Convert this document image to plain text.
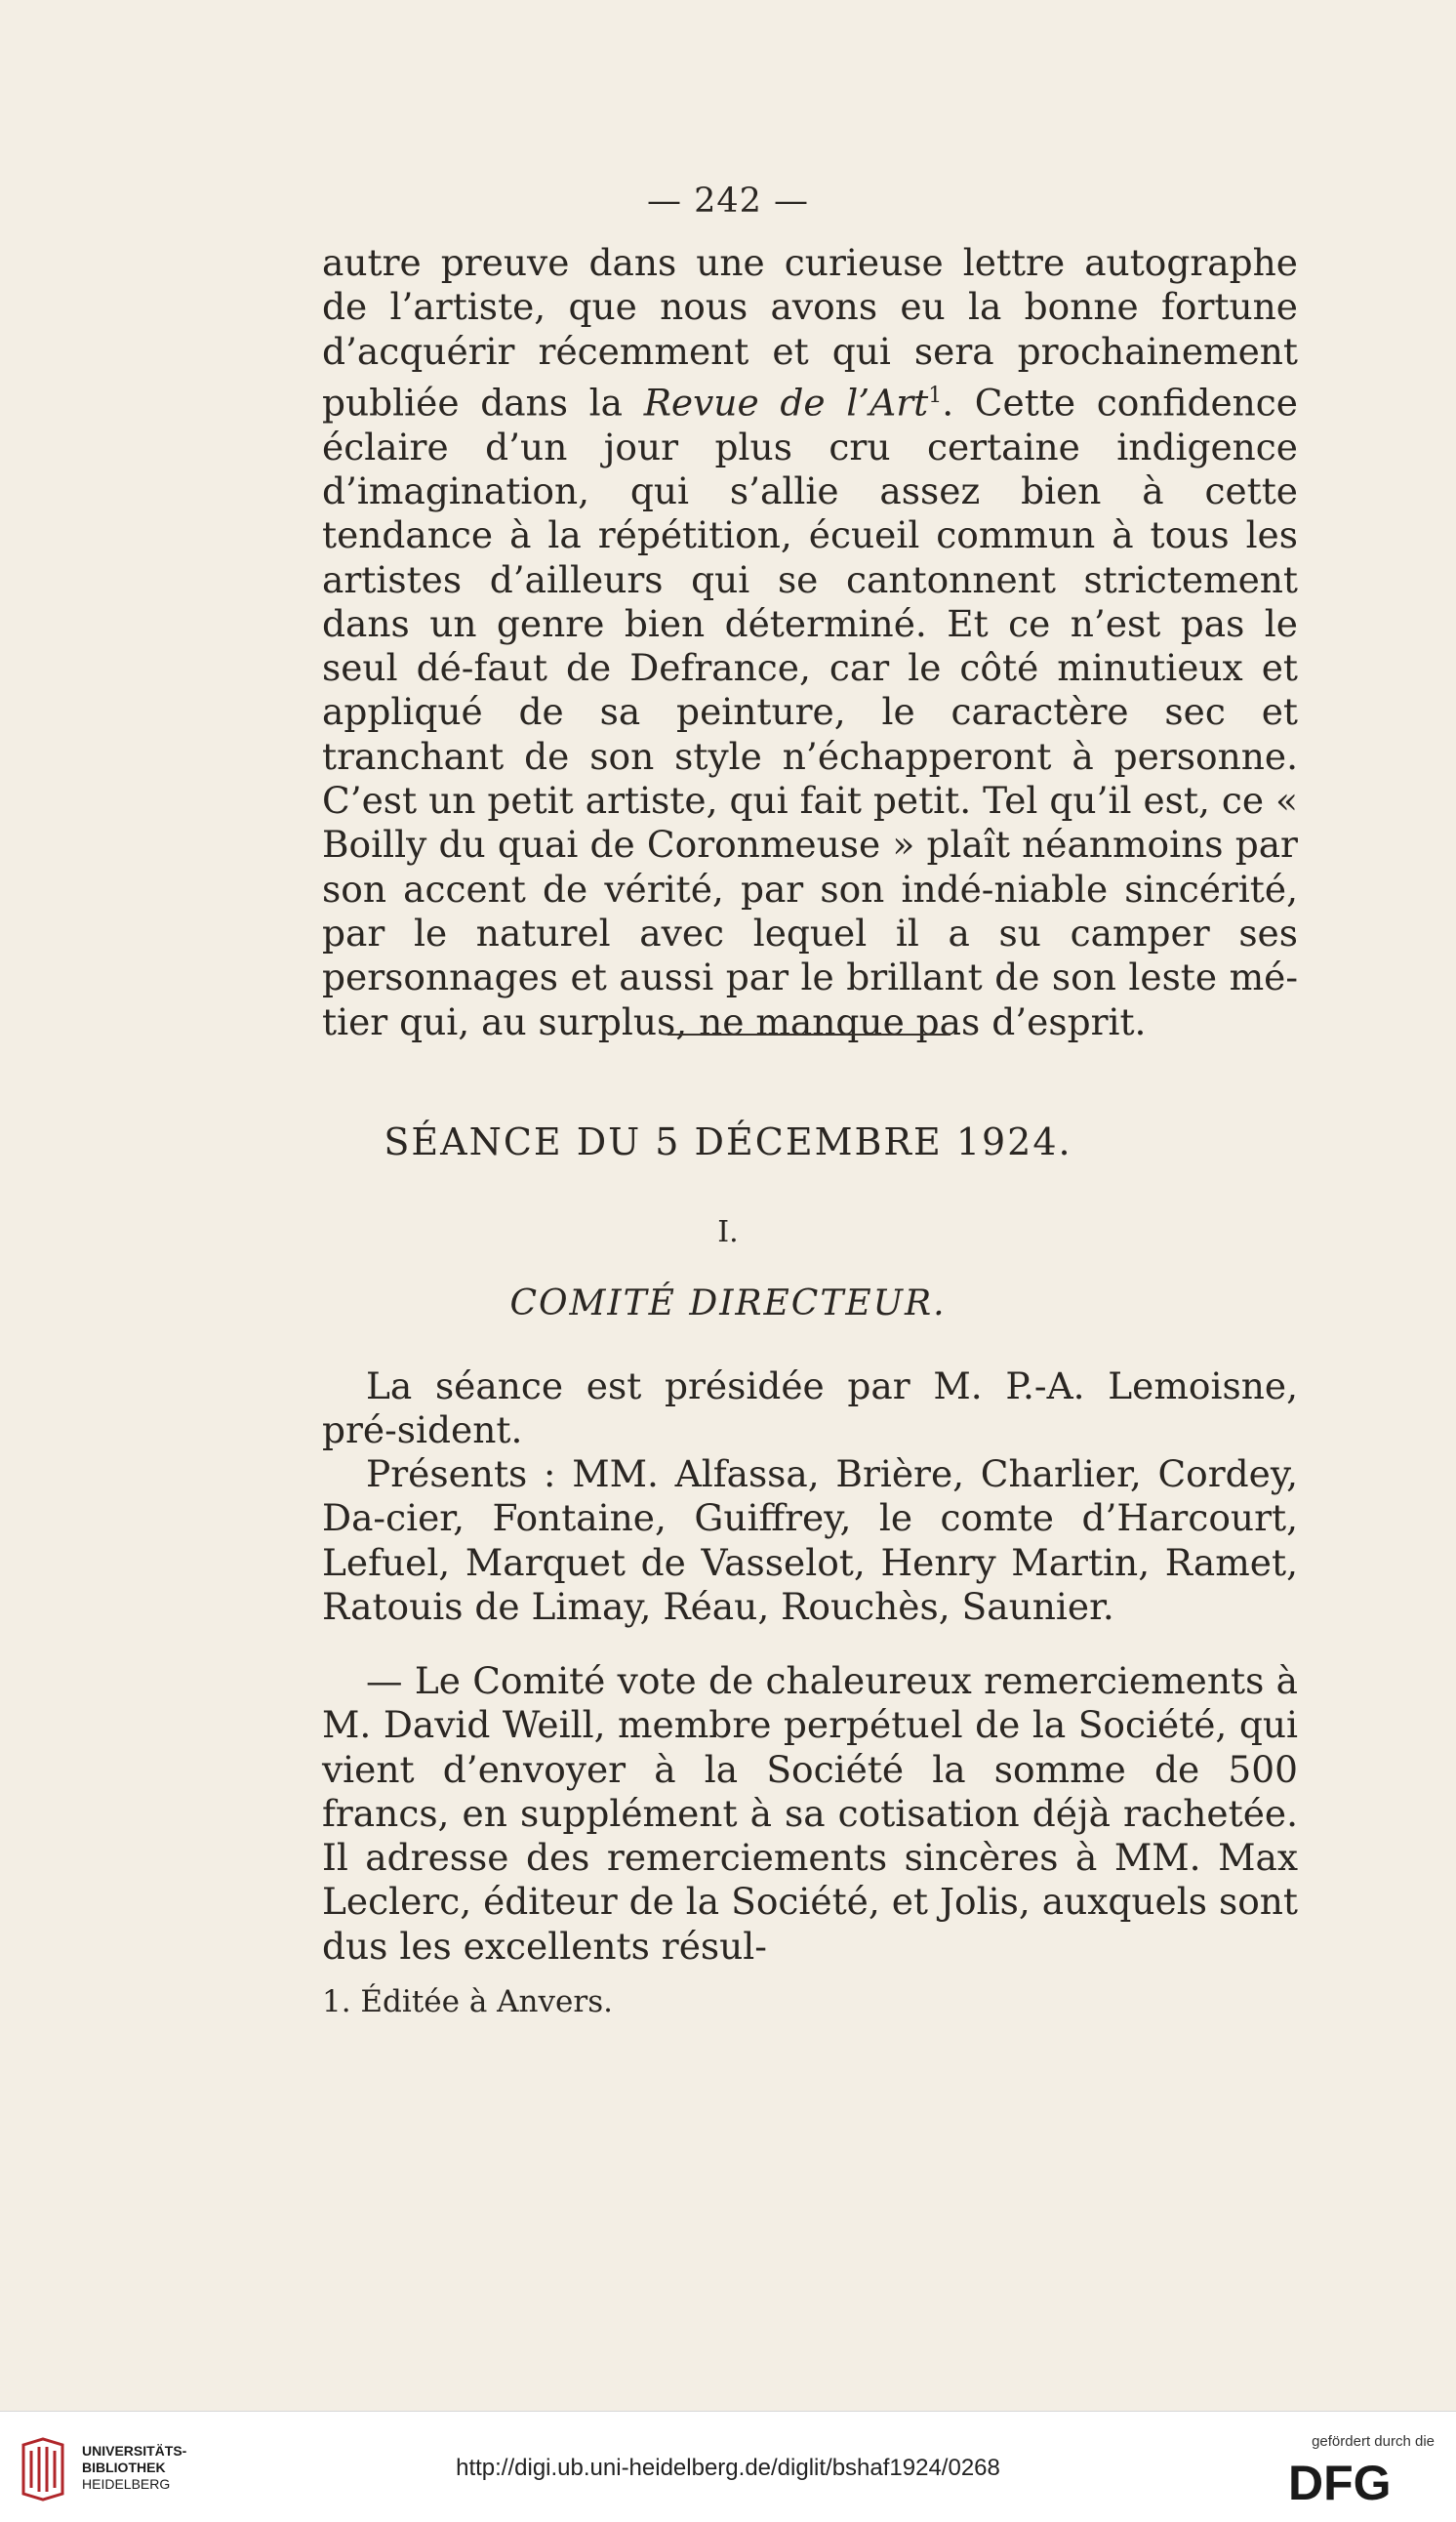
— 242 —

autre preuve dans une curieuse lettre autographe de l’artiste, que nous avons eu la bonne fortune d’acquérir récemment et qui sera prochainement publiée dans la Revue de l’Art$^1$. Cette confidence éclaire d’un jour plus cru certaine indigence d’imagination, qui s’allie assez bien à cette tendance à la répétition, écueil commun à tous les artistes d’ailleurs qui se cantonnent strictement dans un genre bien déterminé. Et ce n’est pas le seul dé-faut de Defrance, car le côté minutieux et appliqué de sa peinture, le caractère sec et tranchant de son style n’échapperont à personne. C’est un petit artiste, qui fait petit. Tel qu’il est, ce « Boilly du quai de Coronmeuse » plaît néanmoins par son accent de vérité, par son indé-niable sincérité, par le naturel avec lequel il a su camper ses personnages et aussi par le brillant de son leste mé-tier qui, au surplus, ne manque pas d’esprit.

SÉANCE DU 5 DÉCEMBRE 1924.
I.
COMITÉ DIRECTEUR.

La séance est présidée par M. P.-A. Lemoisne, pré-sident.

Présents : MM. Alfassa, Brière, Charlier, Cordey, Da-cier, Fontaine, Guiffrey, le comte d’Harcourt, Lefuel, Marquet de Vasselot, Henry Martin, Ramet, Ratouis de Limay, Réau, Rouchès, Saunier.

— Le Comité vote de chaleureux remerciements à M. David Weill, membre perpétuel de la Société, qui vient d’envoyer à la Société la somme de 500 francs, en supplément à sa cotisation déjà rachetée. Il adresse des remerciements sincères à MM. Max Leclerc, éditeur de la Société, et Jolis, auxquels sont dus les excellents résul-

1. Éditée à Anvers.
UNIVERSITÄTS-
BIBLIOTHEK
HEIDELBERG
http://digi.ub.uni-heidelberg.de/diglit/bshaf1924/0268
gefördert durch die
DFG
